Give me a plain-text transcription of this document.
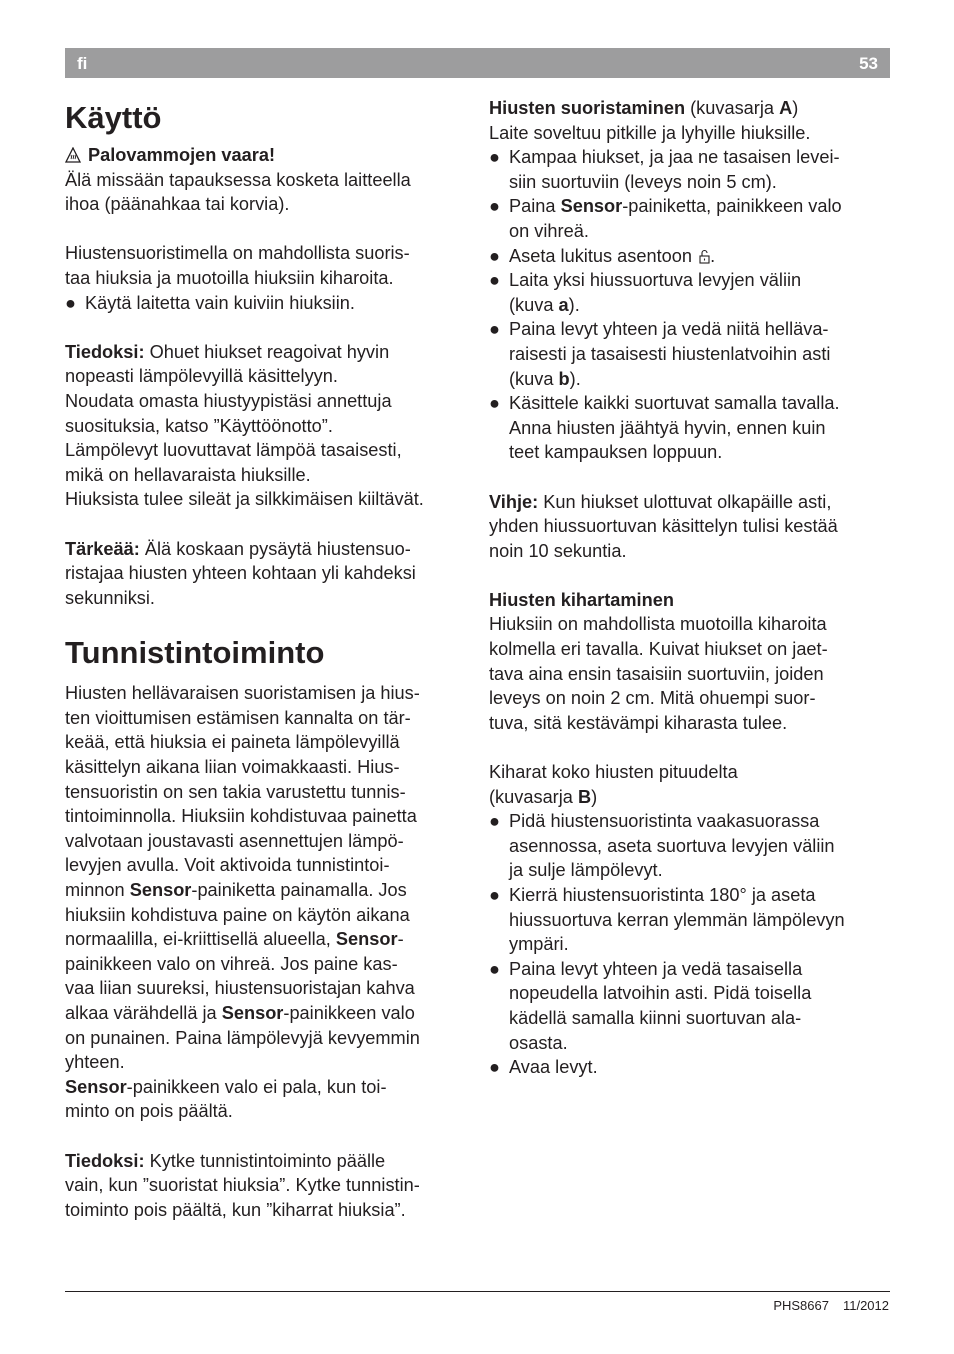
fi	53
Käyttö

Palovammojen vaara!

Älä missään tapauksessa kosketa laitteella

ihoa (päänahkaa tai korvia).

Hiustensuoristimella on mahdollista suoris-

taa hiuksia ja muotoilla hiuksiin kiharoita.

● Käytä laitetta vain kuiviin hiuksiin.

Tiedoksi: Ohuet hiukset reagoivat hyvin

nopeasti lämpölevyillä käsittelyyn.

Noudata omasta hiustyypistäsi annettuja

suosituksia, katso ”Käyttöönotto”.

Lämpölevyt luovuttavat lämpöä tasaisesti,

mikä on hellavaraista hiuksille.

Hiuksista tulee sileät ja silkkimäisen kiiltävät.

Tärkeää: Älä koskaan pysäytä hiustensuo-

ristajaa hiusten yhteen kohtaan yli kahdeksi

sekunniksi.

Tunnistintoiminto

Hiusten hellävaraisen suoristamisen ja hius-

ten vioittumisen estämisen kannalta on tär-

keää, että hiuksia ei paineta lämpölevyillä

käsittelyn aikana liian voimakkaasti. Hius-

tensuoristin on sen takia varustettu tunnis-

tintoiminnolla. Hiuksiin kohdistuvaa painetta

valvotaan joustavasti asennettujen lämpö-

levyjen avulla. Voit aktivoida tunnistintoi-

minnon Sensor-painiketta painamalla. Jos

hiuksiin kohdistuva paine on käytön aikana

normaalilla, ei-kriittisellä alueella, Sensor-

painikkeen valo on vihreä. Jos paine kas-

vaa liian suureksi, hiustensuoristajan kahva

alkaa värähdellä ja Sensor-painikkeen valo

on punainen. Paina lämpölevyjä kevyemmin

yhteen.

Sensor-painikkeen valo ei pala, kun toi-

minto on pois päältä.

Tiedoksi: Kytke tunnistintoiminto päälle

vain, kun ”suoristat hiuksia”. Kytke tunnistin-

toiminto pois päältä, kun ”kiharrat hiuksia”.

Hiusten suoristaminen (kuvasarja A)

Laite soveltuu pitkille ja lyhyille hiuksille.

● Kampaa hiukset, ja jaa ne tasaisen levei-

siin suortuviin (leveys noin 5 cm).

● Paina Sensor-painiketta, painikkeen valo

on vihreä.

● Aseta lukitus asentoon .

● Laita yksi hiussuortuva levyjen väliin

(kuva a).

● Paina levyt yhteen ja vedä niitä hellävа-

raisesti ja tasaisesti hiustenlatvoihin asti

(kuva b).

● Käsittele kaikki suortuvat samalla tavalla.

Anna hiusten jäähtyä hyvin, ennen kuin

teet kampauksen loppuun.

Vihje: Kun hiukset ulottuvat olkapäille asti,

yhden hiussuortuvan käsittelyn tulisi kestää

noin 10 sekuntia.

Hiusten kihartaminen

Hiuksiin on mahdollista muotoilla kiharoita

kolmella eri tavalla. Kuivat hiukset on jaet-

tava aina ensin tasaisiin suortuviin, joiden

leveys on noin 2 cm. Mitä ohuempi suor-

tuva, sitä kestävämpi kiharasta tulee.

Kiharat koko hiusten pituudelta

(kuvasarja B)

● Pidä hiustensuoristinta vaakasuorassa

asennossa, aseta suortuva levyjen väliin

ja sulje lämpölevyt.

● Kierrä hiustensuoristinta 180° ja aseta

hiussuortuva kerran ylemmän lämpölevyn

ympäri.

● Paina levyt yhteen ja vedä tasaisella

nopeudella latvoihin asti. Pidä toisella

kädellä samalla kiinni suortuvan ala-

osasta.

● Avaa levyt.

PHS8667 11/2012
